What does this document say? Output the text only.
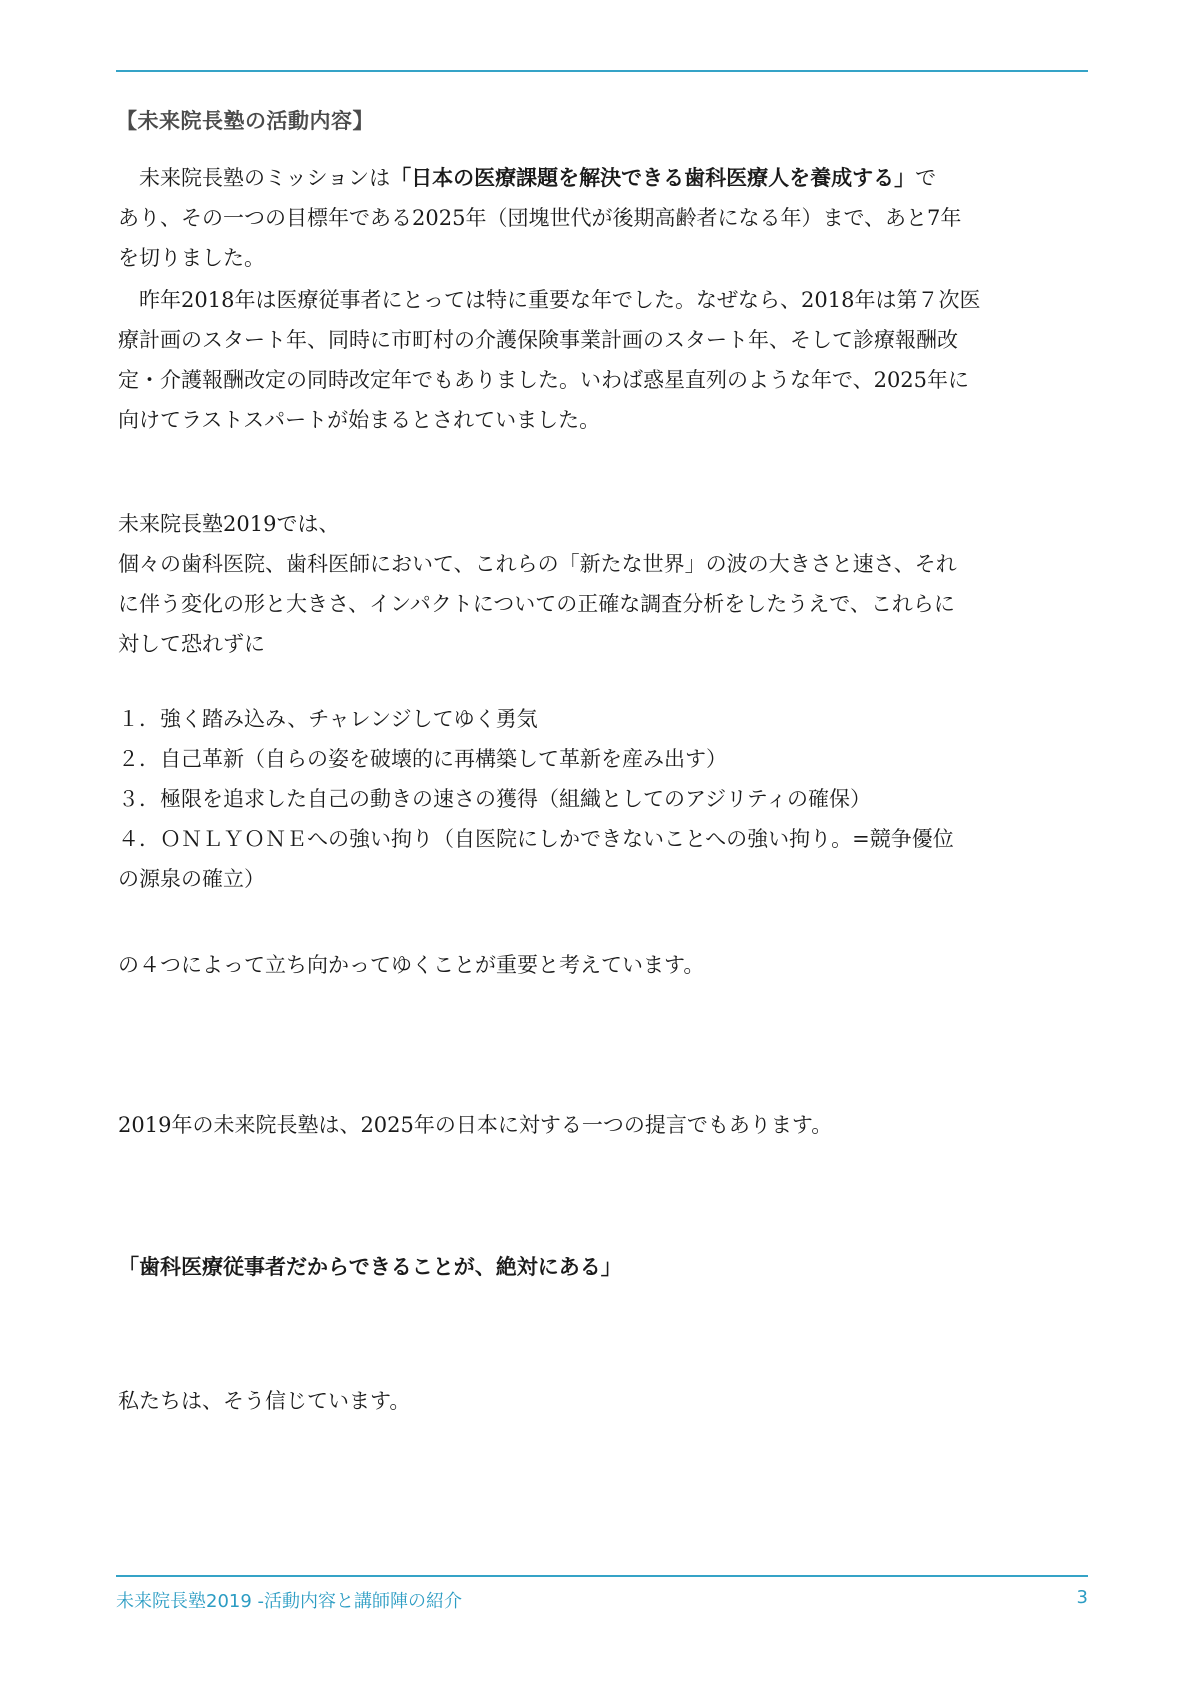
【未来院長塾の活動内容】
　未来院長塾のミッションは「日本の医療課題を解決できる歯科医療人を養成する」で
あり、その一つの目標年である2025年（団塊世代が後期高齢者になる年）まで、あと7年
を切りました。
　昨年2018年は医療従事者にとっては特に重要な年でした。なぜなら、2018年は第７次医
療計画のスタート年、同時に市町村の介護保険事業計画のスタート年、そして診療報酬改
定・介護報酬改定の同時改定年でもありました。いわば惑星直列のような年で、2025年に
向けてラストスパートが始まるとされていました。
未来院長塾2019では、
個々の歯科医院、歯科医師において、これらの「新たな世界」の波の大きさと速さ、それ
に伴う変化の形と大きさ、インパクトについての正確な調査分析をしたうえで、これらに
対して恐れずに
１．強く踏み込み、チャレンジしてゆく勇気
２．自己革新（自らの姿を破壊的に再構築して革新を産み出す）
３．極限を追求した自己の動きの速さの獲得（組織としてのアジリティの確保）
４．ＯＮＬＹＯＮＥへの強い拘り（自医院にしかできないことへの強い拘り。=競争優位
の源泉の確立）
の４つによって立ち向かってゆくことが重要と考えています。
2019年の未来院長塾は、2025年の日本に対する一つの提言でもあります。
「歯科医療従事者だからできることが、絶対にある」
私たちは、そう信じています。
未来院長塾2019 -活動内容と講師陣の紹介	3
